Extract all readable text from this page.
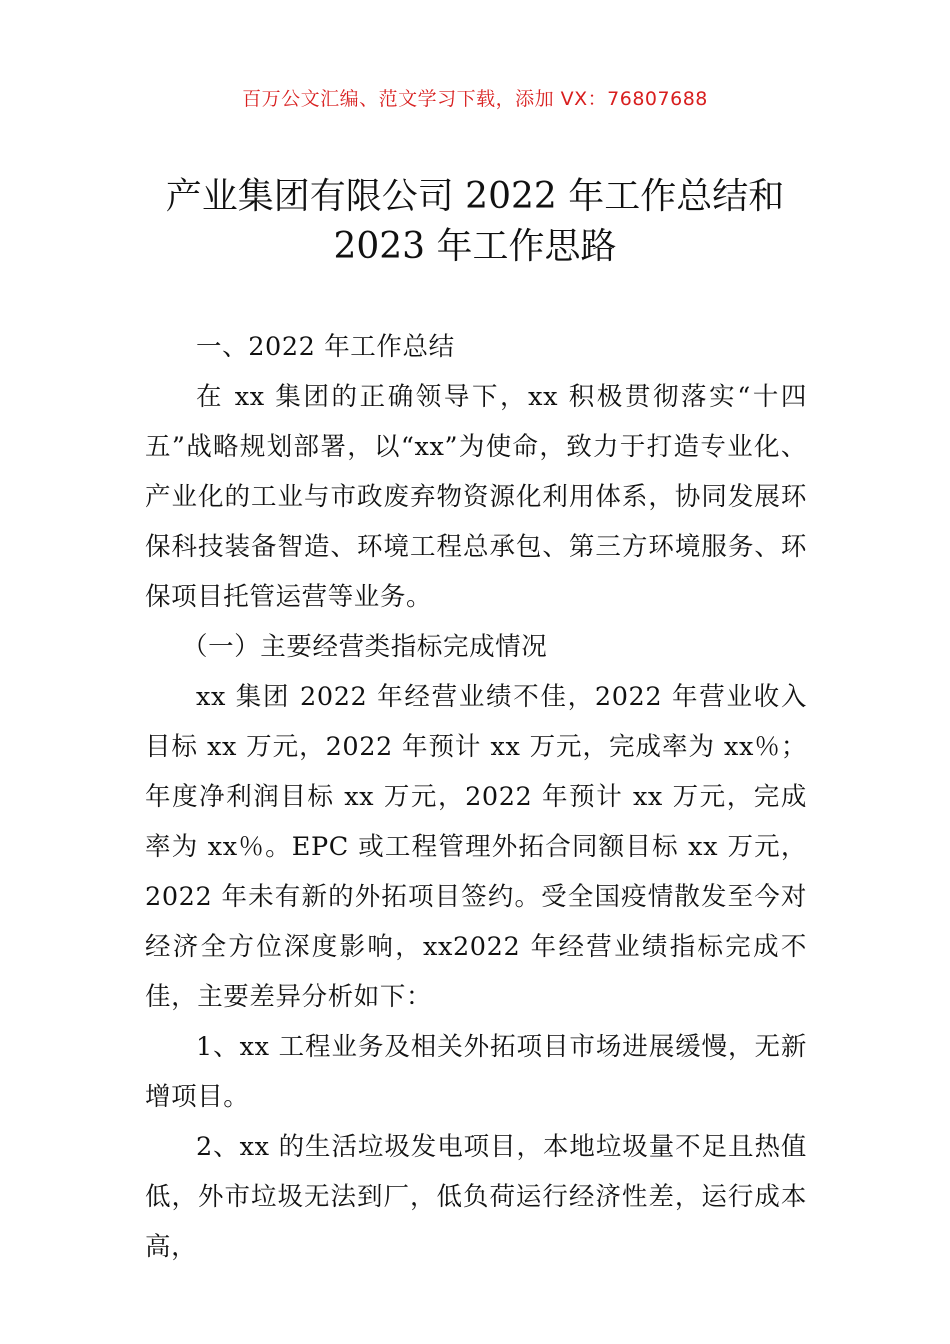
百万公文汇编、范文学习下载，添加 VX：76807688
产业集团有限公司 2022 年工作总结和 2023 年工作思路

一、2022 年工作总结

在 xx 集团的正确领导下，xx 积极贯彻落实“十四五”战略规划部署，以“xx”为使命，致力于打造专业化、产业化的工业与市政废弃物资源化利用体系，协同发展环保科技装备智造、环境工程总承包、第三方环境服务、环保项目托管运营等业务。

（一）主要经营类指标完成情况

xx 集团 2022 年经营业绩不佳，2022 年营业收入目标 xx 万元，2022 年预计 xx 万元，完成率为 xx％；年度净利润目标 xx 万元，2022 年预计 xx 万元，完成率为 xx％。EPC 或工程管理外拓合同额目标 xx 万元，2022 年未有新的外拓项目签约。受全国疫情散发至今对经济全方位深度影响，xx2022 年经营业绩指标完成不佳，主要差异分析如下：

1、xx 工程业务及相关外拓项目市场进展缓慢，无新增项目。

2、xx 的生活垃圾发电项目，本地垃圾量不足且热值低，外市垃圾无法到厂，低负荷运行经济性差，运行成本高，
